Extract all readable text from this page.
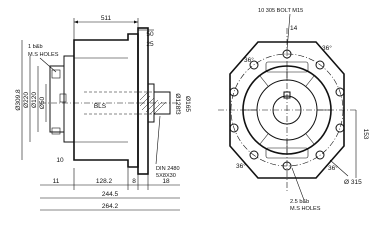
511
50
25
BLS
10
Ø309.8 Ø220 Ø120 Ø50	Ø128f3 Ø165
1 b&b
M.S HOLES
DIN 2480
5X8X30
11	128.2	8	18
244.5
264.2
10 305 BOLT M15
14
36°
36°
36°	36°
153
Ø 315
M.S HOLES
2.5 b&b
